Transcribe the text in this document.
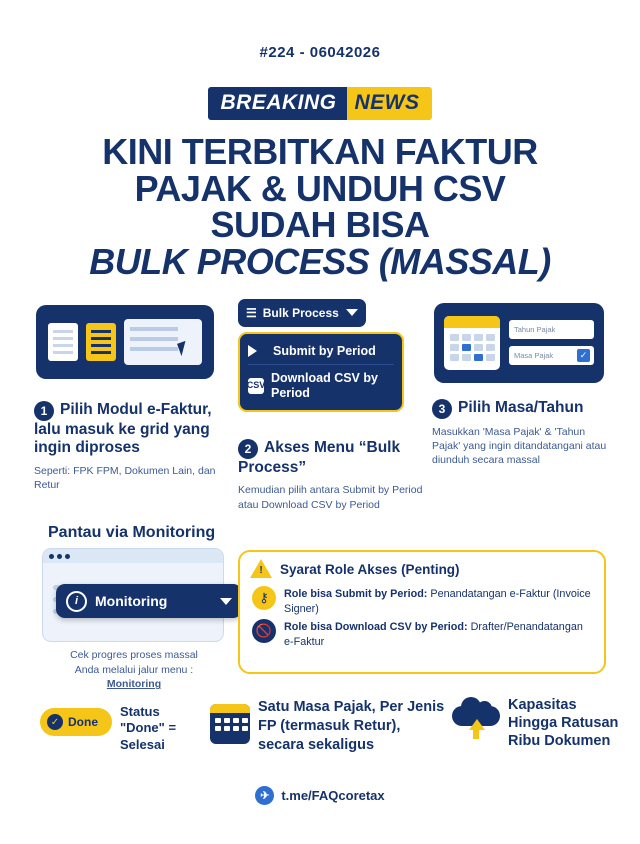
#224 - 06042026
BREAKING NEWS
KINI TERBITKAN FAKTUR
PAJAK & UNDUH CSV
SUDAH BISA
BULK PROCESS (MASSAL)
☰ Bulk Process
Submit by Period
CSV
Download CSV by Period
Tahun Pajak
Masa Pajak	✓
1 Pilih Modul e-Faktur, lalu masuk ke grid yang ingin diproses
Seperti: FPK FPM, Dokumen Lain, dan Retur
2 Akses Menu “Bulk Process”
Kemudian pilih antara Submit by Period atau Download CSV by Period
3 Pilih Masa/Tahun
Masukkan 'Masa Pajak' & 'Tahun Pajak' yang ingin ditandatangani atau diunduh secara massal
Pantau via Monitoring
i	Monitoring
Cek progres proses massal
Anda melalui jalur menu :
Monitoring
!	Syarat Role Akses (Penting)
⚷	Role bisa Submit by Period: Penandatangan e-Faktur (Invoice Signer)
🚫	Role bisa Download CSV by Period: Drafter/Penandatangan e-Faktur
✓ Done
Status "Done" = Selesai
Satu Masa Pajak, Per Jenis FP (termasuk Retur), secara sekaligus
Kapasitas Hingga Ratusan Ribu Dokumen
✈ t.me/FAQcoretax
